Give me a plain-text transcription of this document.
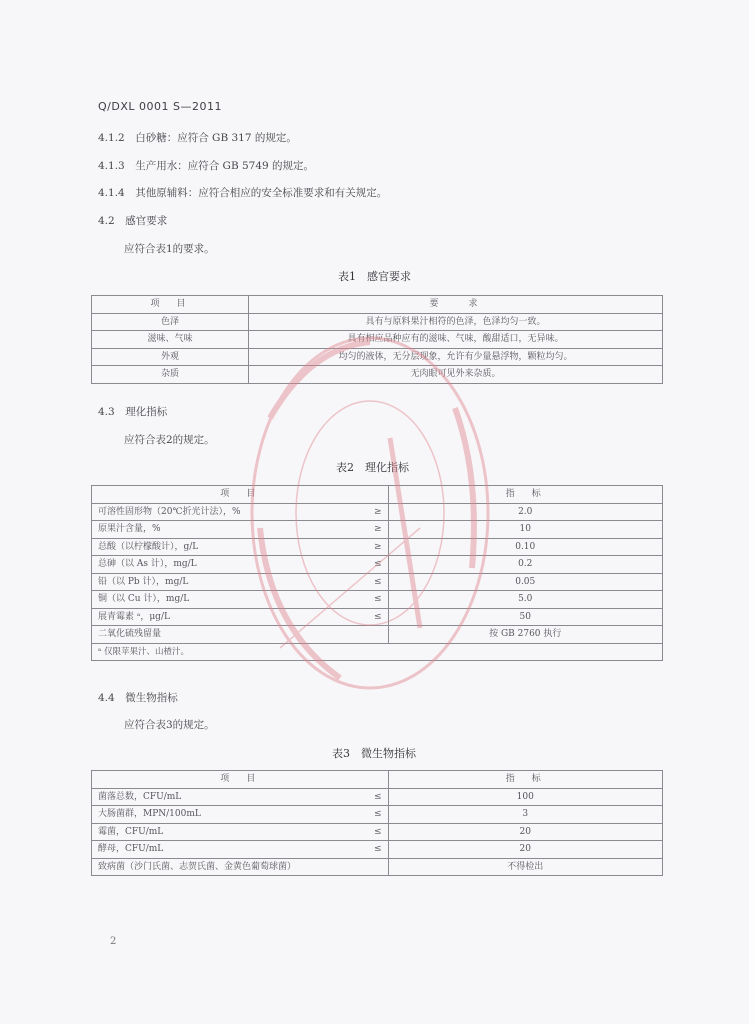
Q/DXL 0001 S—2011
4.1.2　白砂糖：应符合 GB 317 的规定。
4.1.3　生产用水：应符合 GB 5749 的规定。
4.1.4　其他原辅料：应符合相应的安全标准要求和有关规定。
4.2　感官要求
应符合表1的要求。
表1　感官要求
项　目	要　　求
色泽	具有与原料果汁相符的色泽，色泽均匀一致。
滋味、气味	具有相应品种应有的滋味、气味，酸甜适口，无异味。
外观	均匀的液体，无分层现象，允许有少量悬浮物，颗粒均匀。
杂质	无肉眼可见外来杂质。
4.3　理化指标
应符合表2的规定。
表2　理化指标
项　目		指　标
可溶性固形物（20℃折光计法），%	≥	2.0
原果汁含量，%	≥	10
总酸（以柠檬酸计），g/L	≥	0.10
总砷（以 As 计），mg/L	≤	0.2
铅（以 Pb 计），mg/L	≤	0.05
铜（以 Cu 计），mg/L	≤	5.0
展青霉素 ᵃ，μg/L	≤	50
二氧化硫残留量		按 GB 2760 执行
ᵃ 仅限苹果汁、山楂汁。		
4.4　微生物指标
应符合表3的规定。
表3　微生物指标
项　目		指　标
菌落总数，CFU/mL	≤	100
大肠菌群，MPN/100mL	≤	3
霉菌，CFU/mL	≤	20
酵母，CFU/mL	≤	20
致病菌（沙门氏菌、志贺氏菌、金黄色葡萄球菌）		不得检出
2
